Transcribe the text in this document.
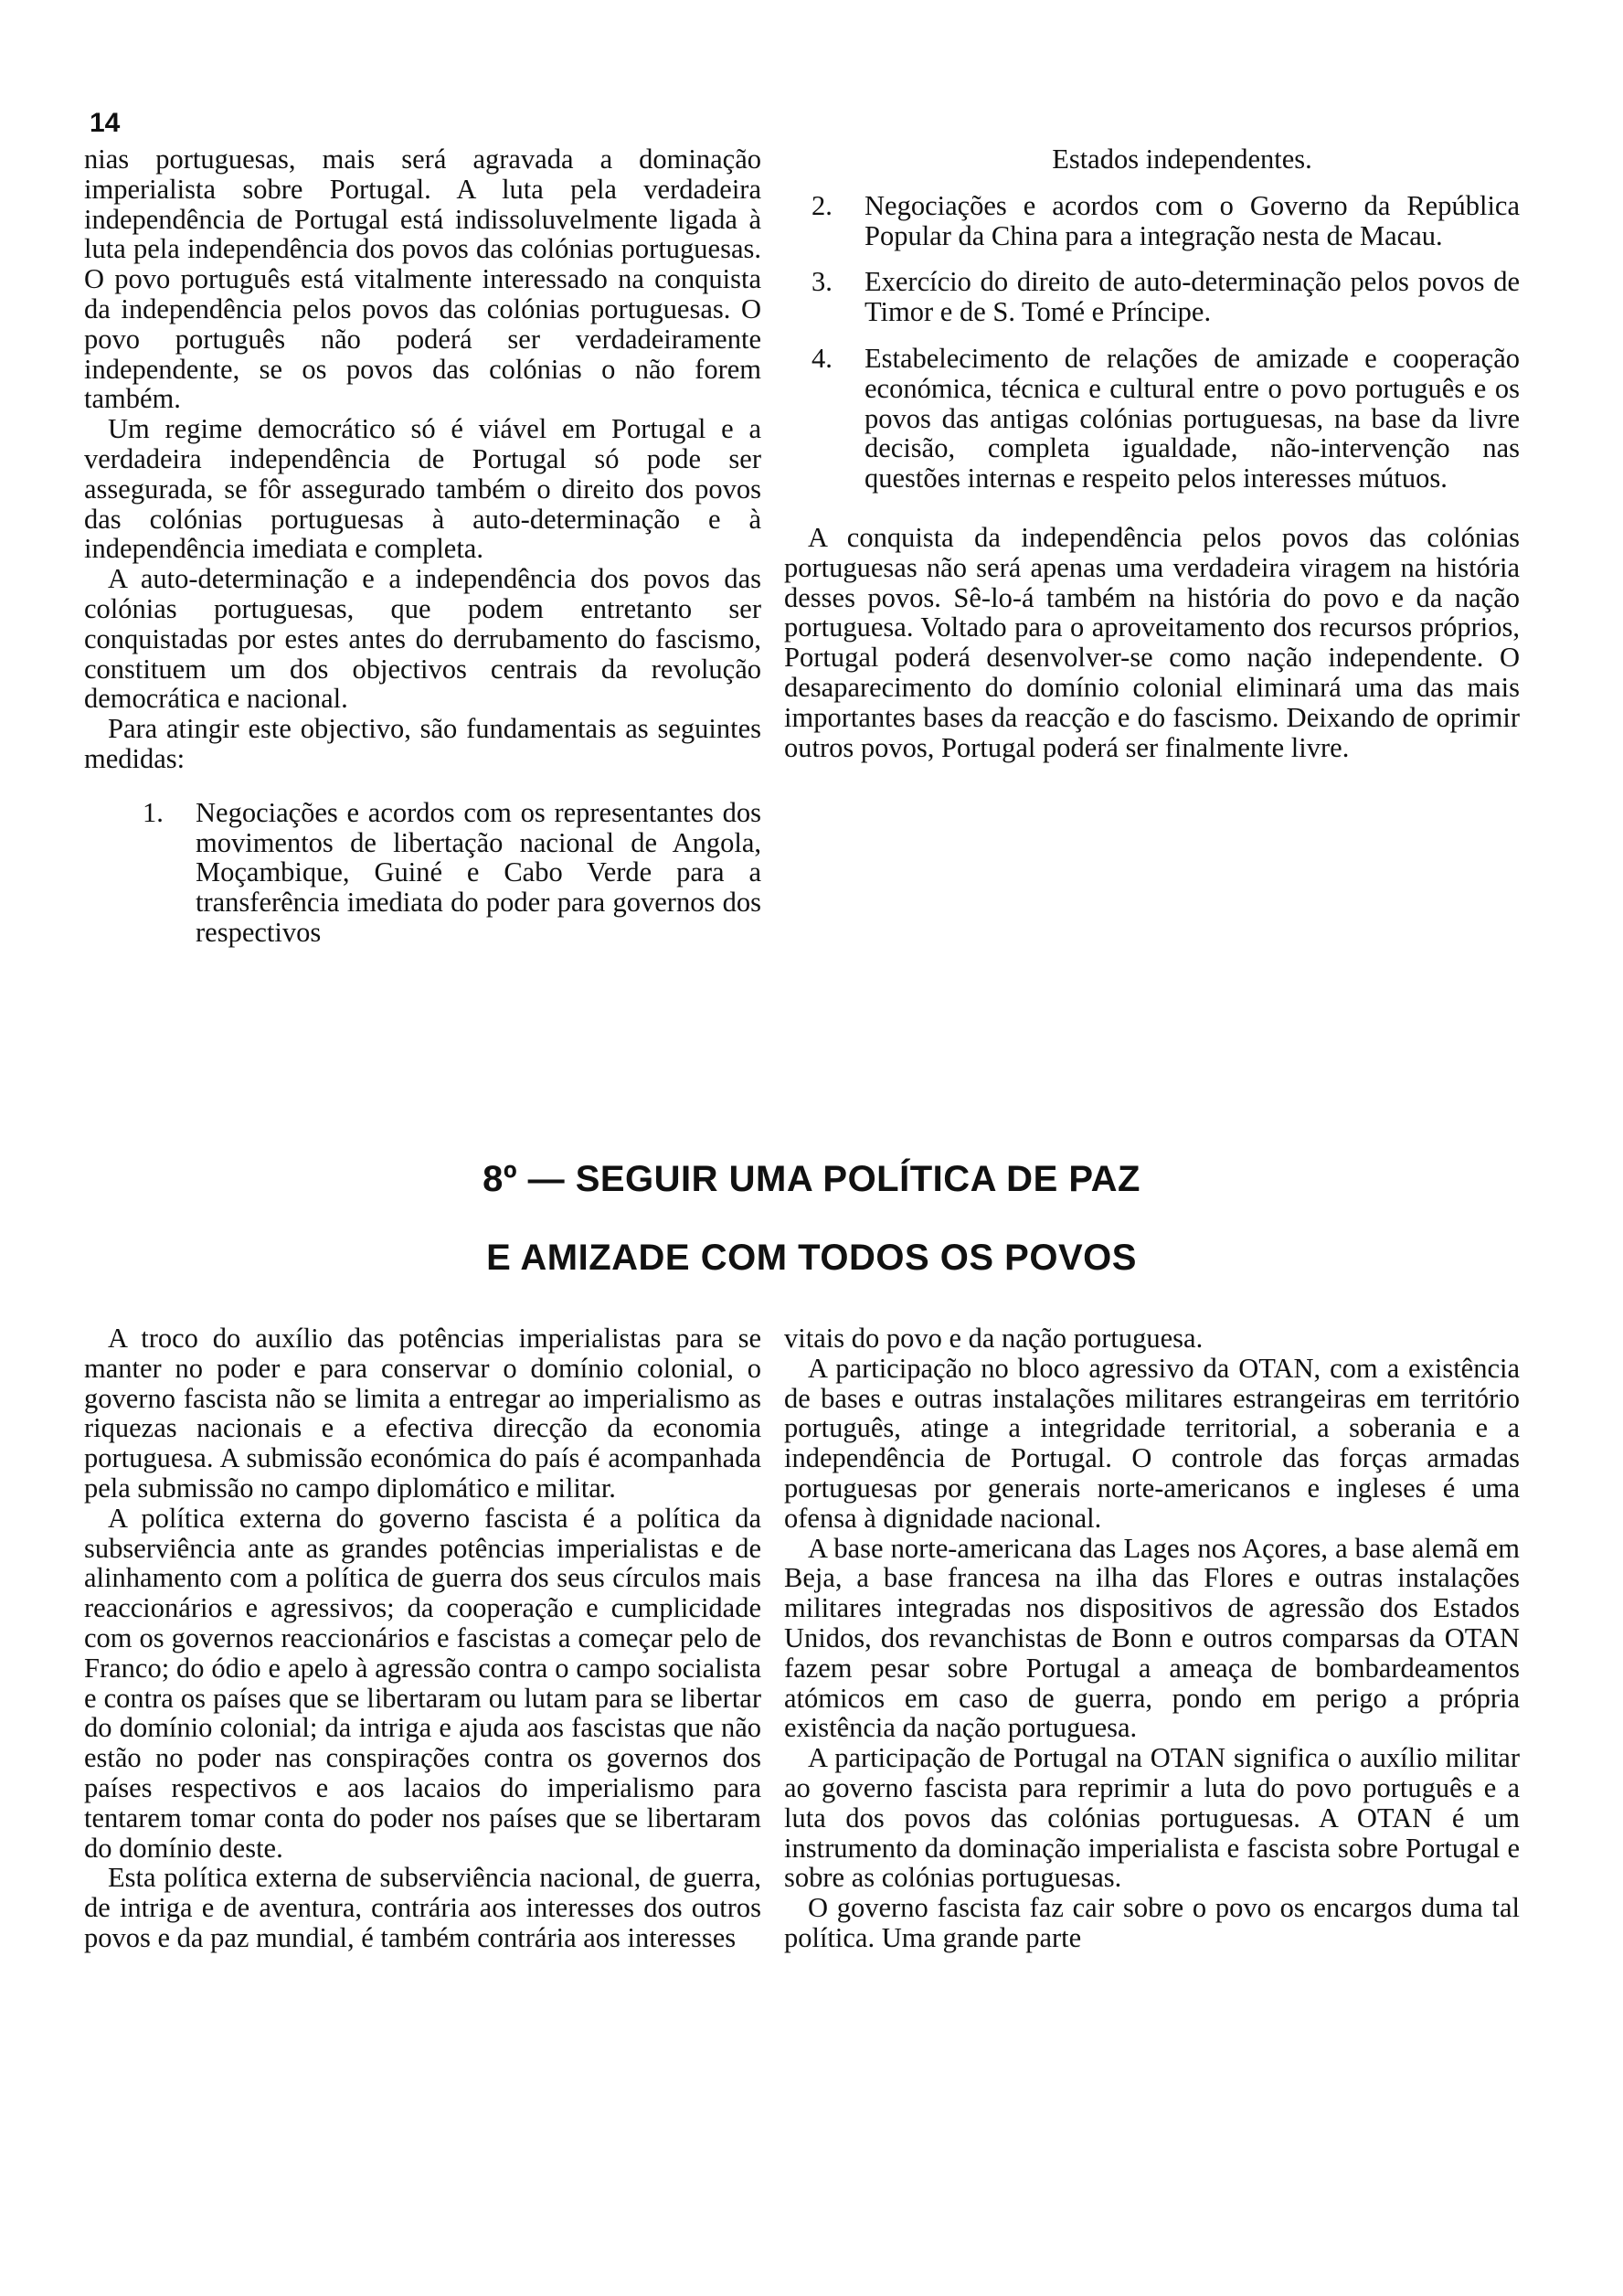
14

nias portuguesas, mais será agravada a dominação imperialista sobre Portugal. A luta pela verdadeira independência de Portugal está indissoluvelmente ligada à luta pela independência dos povos das colónias portuguesas. O povo português está vitalmente interessado na conquista da independência pelos povos das colónias portuguesas. O povo português não poderá ser verdadeiramente independente, se os povos das colónias o não forem também.

Um regime democrático só é viável em Portugal e a verdadeira independência de Portugal só pode ser assegurada, se fôr assegurado também o direito dos povos das colónias portuguesas à auto-determinação e à independência imediata e completa.

A auto-determinação e a independência dos povos das colónias portuguesas, que podem entretanto ser conquistadas por estes antes do derrubamento do fascismo, constituem um dos objectivos centrais da revolução democrática e nacional.

Para atingir este objectivo, são fundamentais as seguintes medidas:

1.	Negociações e acordos com os representantes dos movimentos de libertação nacional de Angola, Moçambique, Guiné e Cabo Verde para a transferência imediata do poder para governos dos respectivos

Estados independentes.

2.	Negociações e acordos com o Governo da República Popular da China para a integração nesta de Macau.
3.	Exercício do direito de auto-determinação pelos povos de Timor e de S. Tomé e Príncipe.
4.	Estabelecimento de relações de amizade e cooperação económica, técnica e cultural entre o povo português e os povos das antigas colónias portuguesas, na base da livre decisão, completa igualdade, não-intervenção nas questões internas e respeito pelos interesses mútuos.

A conquista da independência pelos povos das colónias portuguesas não será apenas uma verdadeira viragem na história desses povos. Sê-lo-á também na história do povo e da nação portuguesa. Voltado para o aproveitamento dos recursos próprios, Portugal poderá desenvolver-se como nação independente. O desaparecimento do domínio colonial eliminará uma das mais importantes bases da reacção e do fascismo. Deixando de oprimir outros povos, Portugal poderá ser finalmente livre.

8º — SEGUIR UMA POLÍTICA DE PAZ
E AMIZADE COM TODOS OS POVOS

A troco do auxílio das potências imperialistas para se manter no poder e para conservar o domínio colonial, o governo fascista não se limita a entregar ao imperialismo as riquezas nacionais e a efectiva direcção da economia portuguesa. A submissão económica do país é acompanhada pela submissão no campo diplomático e militar.

A política externa do governo fascista é a política da subserviência ante as grandes potências imperialistas e de alinhamento com a política de guerra dos seus círculos mais reaccionários e agressivos; da cooperação e cumplicidade com os governos reaccionários e fascistas a começar pelo de Franco; do ódio e apelo à agressão contra o campo socialista e contra os países que se libertaram ou lutam para se libertar do domínio colonial; da intriga e ajuda aos fascistas que não estão no poder nas conspirações contra os governos dos países respectivos e aos lacaios do imperialismo para tentarem tomar conta do poder nos países que se libertaram do domínio deste.

Esta política externa de subserviência nacional, de guerra, de intriga e de aventura, contrária aos interesses dos outros povos e da paz mundial, é também contrária aos interesses

vitais do povo e da nação portuguesa.

A participação no bloco agressivo da OTAN, com a existência de bases e outras instalações militares estrangeiras em território português, atinge a integridade territorial, a soberania e a independência de Portugal. O controle das forças armadas portuguesas por generais norte-americanos e ingleses é uma ofensa à dignidade nacional.

A base norte-americana das Lages nos Açores, a base alemã em Beja, a base francesa na ilha das Flores e outras instalações militares integradas nos dispositivos de agressão dos Estados Unidos, dos revanchistas de Bonn e outros comparsas da OTAN fazem pesar sobre Portugal a ameaça de bombardeamentos atómicos em caso de guerra, pondo em perigo a própria existência da nação portuguesa.

A participação de Portugal na OTAN significa o auxílio militar ao governo fascista para reprimir a luta do povo português e a luta dos povos das colónias portuguesas. A OTAN é um instrumento da dominação imperialista e fascista sobre Portugal e sobre as colónias portuguesas.

O governo fascista faz cair sobre o povo os encargos duma tal política. Uma grande parte
